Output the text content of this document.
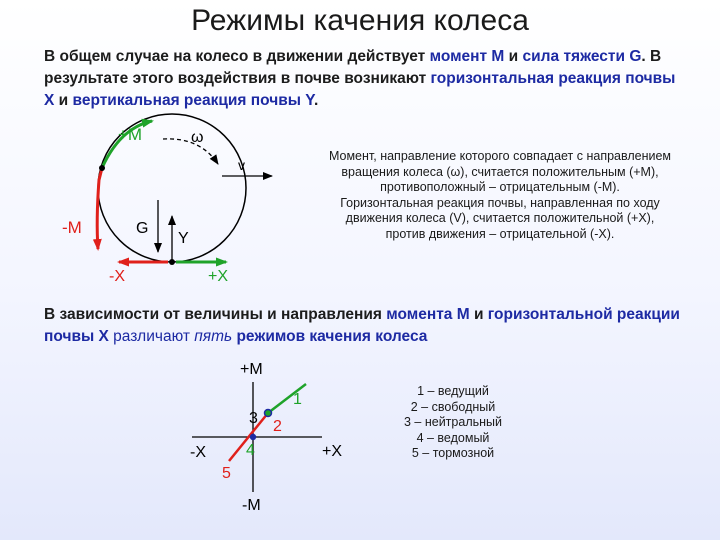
Режимы качения колеса
В общем случае на колесо в движении действует момент M и сила тяжести G. В результате этого воздействия в почве возникают горизонтальная реакция почвы X и вертикальная реакция почвы Y.
+M	ω
v
-M	G
Y
-X	+X
+M
-M
-X	+X
1
2
3
4
5
Момент, направление которого совпадает с направлением
вращения колеса (ω), считается положительным (+M),
противоположный – отрицательным (-M).
Горизонтальная реакция почвы, направленная по ходу
движения колеса (V), считается положительной (+X),
против движения – отрицательной (-X).
В зависимости от величины и направления момента M и горизонтальной реакции почвы X различают пять режимов качения колеса
1 – ведущий
2 – свободный
3 – нейтральный
4 – ведомый
5 – тормозной
